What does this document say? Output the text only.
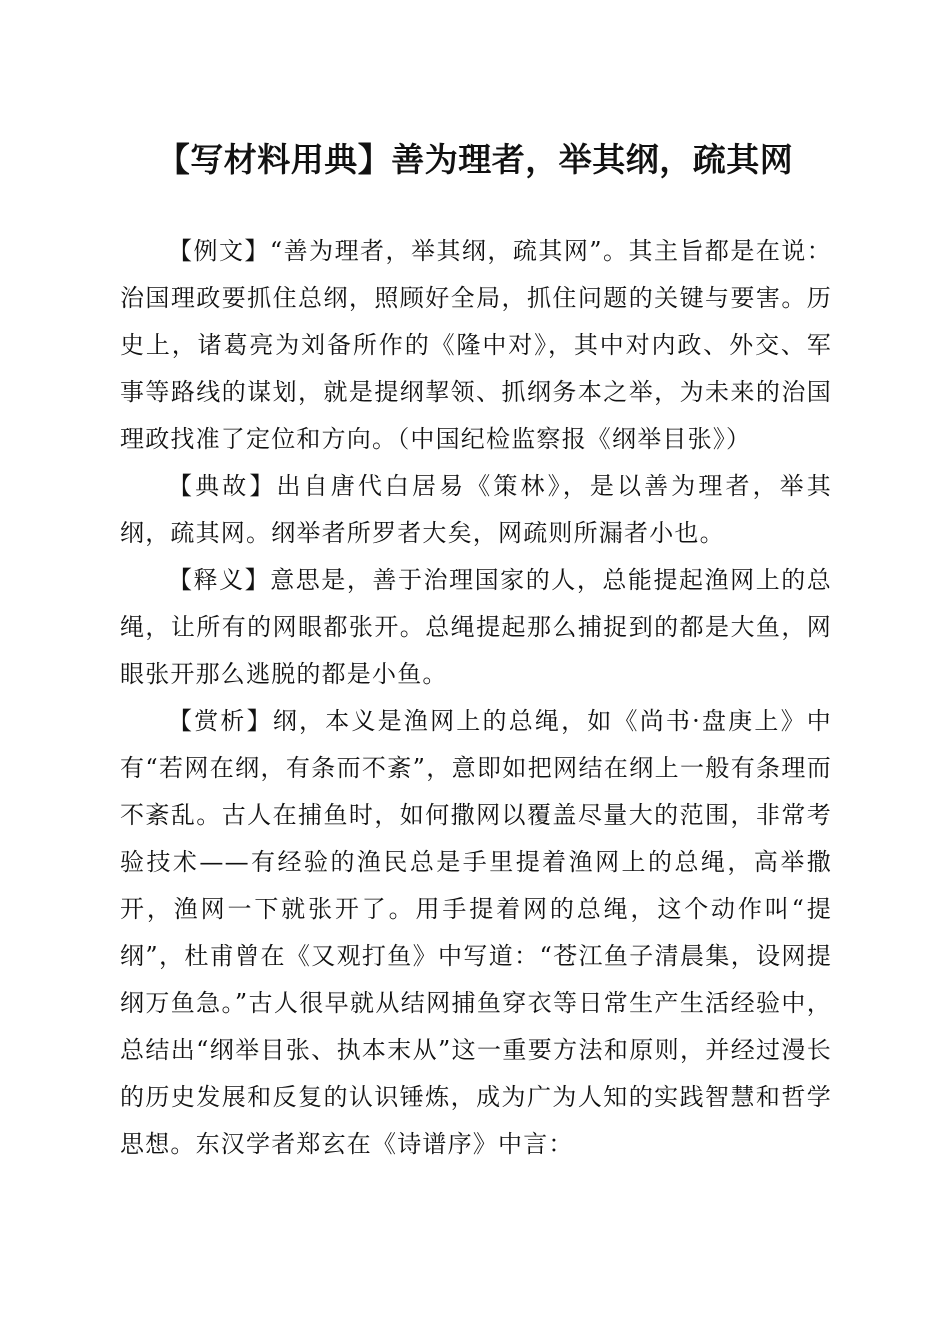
【写材料用典】善为理者，举其纲，疏其网

【例文】“善为理者，举其纲，疏其网”。其主旨都是在说：治国理政要抓住总纲，照顾好全局，抓住问题的关键与要害。历史上，诸葛亮为刘备所作的《隆中对》，其中对内政、外交、军事等路线的谋划，就是提纲挈领、抓纲务本之举，为未来的治国理政找准了定位和方向。（中国纪检监察报《纲举目张》）

【典故】出自唐代白居易《策林》，是以善为理者，举其纲，疏其网。纲举者所罗者大矣，网疏则所漏者小也。

【释义】意思是，善于治理国家的人，总能提起渔网上的总绳，让所有的网眼都张开。总绳提起那么捕捉到的都是大鱼，网眼张开那么逃脱的都是小鱼。

【赏析】纲，本义是渔网上的总绳，如《尚书·盘庚上》中有“若网在纲，有条而不紊”，意即如把网结在纲上一般有条理而不紊乱。古人在捕鱼时，如何撒网以覆盖尽量大的范围，非常考验技术——有经验的渔民总是手里提着渔网上的总绳，高举撒开，渔网一下就张开了。用手提着网的总绳，这个动作叫“提纲”，杜甫曾在《又观打鱼》中写道：“苍江鱼子清晨集，设网提纲万鱼急。”古人很早就从结网捕鱼穿衣等日常生产生活经验中，总结出“纲举目张、执本末从”这一重要方法和原则，并经过漫长的历史发展和反复的认识锤炼，成为广为人知的实践智慧和哲学思想。东汉学者郑玄在《诗谱序》中言：
